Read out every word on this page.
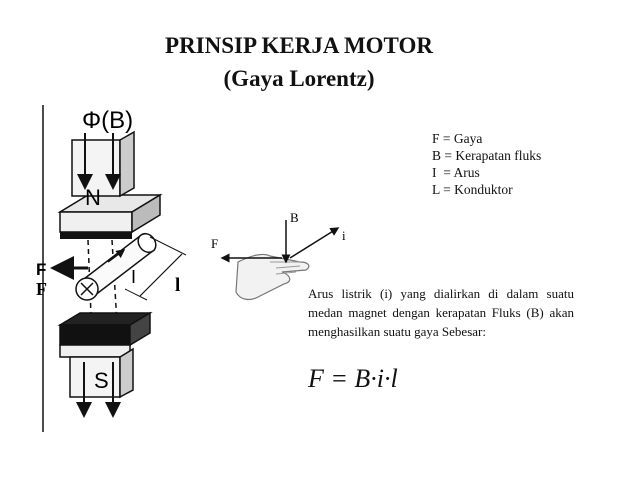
PRINSIP KERJA MOTOR
(Gaya Lorentz)
F = Gaya
B = Kerapatan fluks
I  = Arus
L = Konduktor
Arus listrik (i) yang dialirkan di dalam suatu medan magnet dengan kerapatan Fluks (B) akan menghasilkan suatu gaya Sebesar:
F = B·i·l
Φ(B)
N
I
F
F	l
S
B
i
F
